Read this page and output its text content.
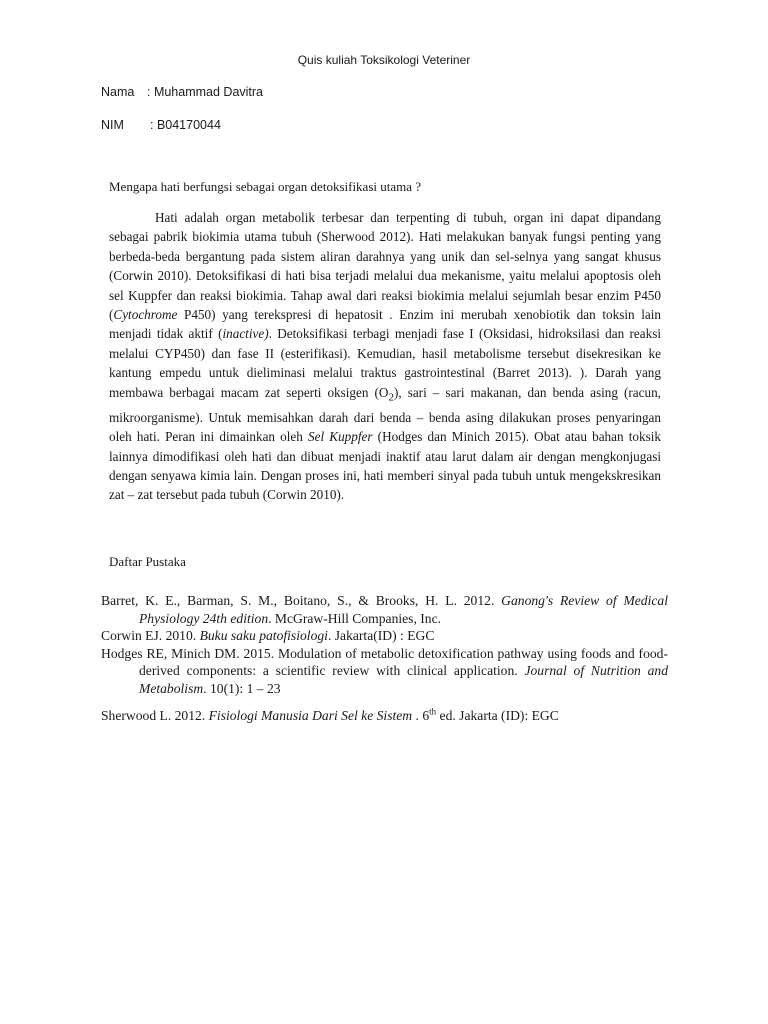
Quis kuliah Toksikologi Veteriner
Nama : Muhammad Davitra
NIM : B04170044
Mengapa hati berfungsi sebagai organ detoksifikasi utama ?

Hati adalah organ metabolik terbesar dan terpenting di tubuh, organ ini dapat dipandang sebagai pabrik biokimia utama tubuh (Sherwood 2012). Hati melakukan banyak fungsi penting yang berbeda-beda bergantung pada sistem aliran darahnya yang unik dan sel-selnya yang sangat khusus (Corwin 2010). Detoksifikasi di hati bisa terjadi melalui dua mekanisme, yaitu melalui apoptosis oleh sel Kuppfer dan reaksi biokimia. Tahap awal dari reaksi biokimia melalui sejumlah besar enzim P450 (Cytochrome P450) yang terekspresi di hepatosit . Enzim ini merubah xenobiotik dan toksin lain menjadi tidak aktif (inactive). Detoksifikasi terbagi menjadi fase I (Oksidasi, hidroksilasi dan reaksi melalui CYP450) dan fase II (esterifikasi). Kemudian, hasil metabolisme tersebut disekresikan ke kantung empedu untuk dieliminasi melalui traktus gastrointestinal (Barret 2013). ). Darah yang membawa berbagai macam zat seperti oksigen $(O_2)$, sari – sari makanan, dan benda asing (racun, mikroorganisme). Untuk memisahkan darah dari benda – benda asing dilakukan proses penyaringan oleh hati. Peran ini dimainkan oleh Sel Kuppfer (Hodges dan Minich 2015). Obat atau bahan toksik lainnya dimodifikasi oleh hati dan dibuat menjadi inaktif atau larut dalam air dengan mengkonjugasi dengan senyawa kimia lain. Dengan proses ini, hati memberi sinyal pada tubuh untuk mengekskresikan zat – zat tersebut pada tubuh (Corwin 2010).

Daftar Pustaka

Barret, K. E., Barman, S. M., Boitano, S., & Brooks, H. L. 2012. Ganong's Review of Medical Physiology 24th edition. McGraw-Hill Companies, Inc.

Corwin EJ. 2010. Buku saku patofisiologi. Jakarta(ID) : EGC

Hodges RE, Minich DM. 2015. Modulation of metabolic detoxification pathway using foods and food-derived components: a scientific review with clinical application. Journal of Nutrition and Metabolism. 10(1): 1 – 23

Sherwood L. 2012. Fisiologi Manusia Dari Sel ke Sistem . 6th ed. Jakarta (ID): EGC
